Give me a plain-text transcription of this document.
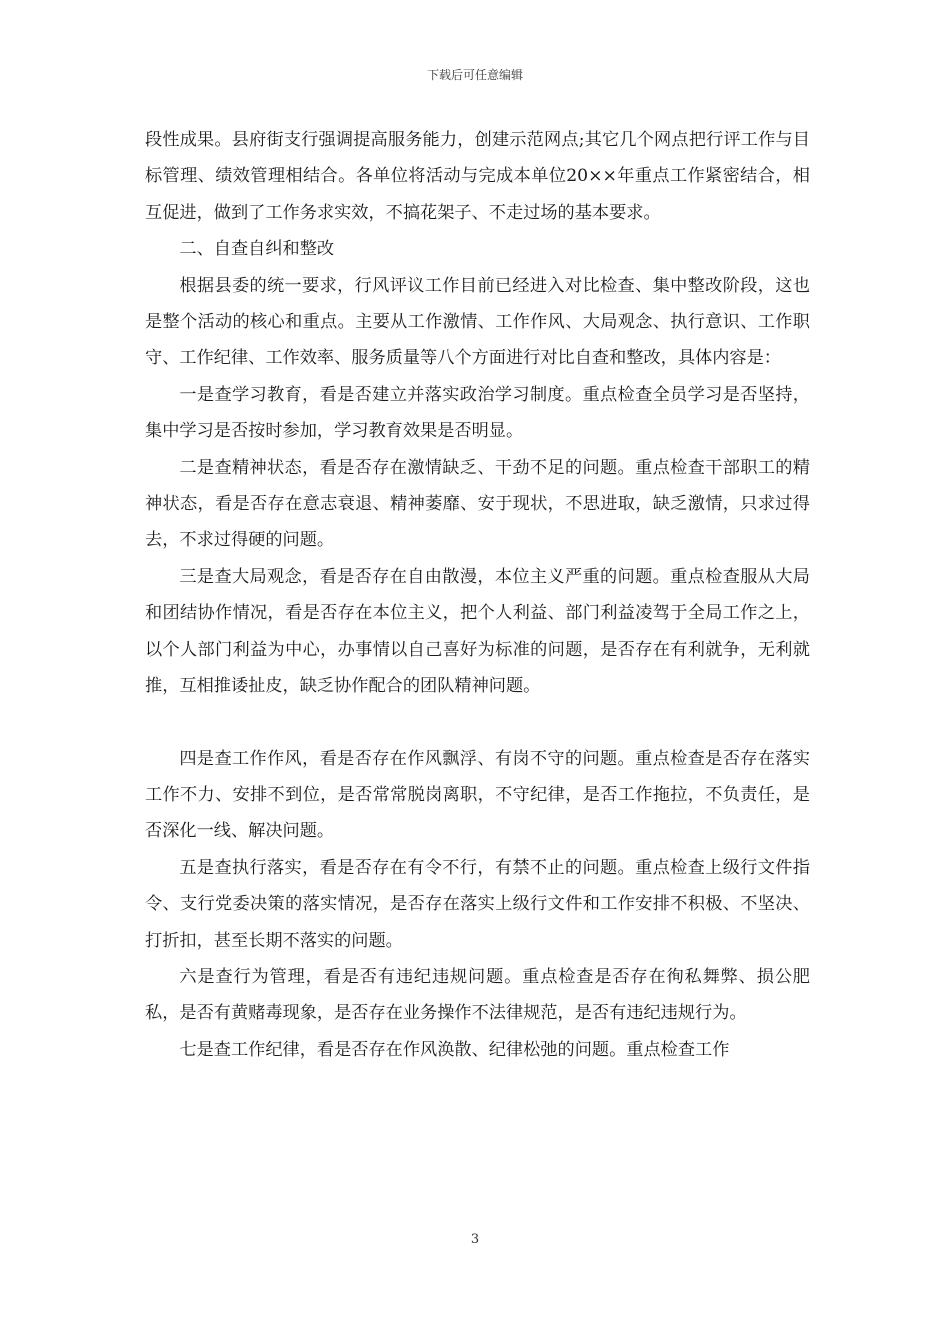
下载后可任意编辑

段性成果。县府街支行强调提高服务能力，创建示范网点;其它几个网点把行评工作与目标管理、绩效管理相结合。各单位将活动与完成本单位20××年重点工作紧密结合，相互促进，做到了工作务求实效，不搞花架子、不走过场的基本要求。

二、自查自纠和整改

根据县委的统一要求，行风评议工作目前已经进入对比检查、集中整改阶段，这也是整个活动的核心和重点。主要从工作激情、工作作风、大局观念、执行意识、工作职守、工作纪律、工作效率、服务质量等八个方面进行对比自查和整改，具体内容是：

一是查学习教育，看是否建立并落实政治学习制度。重点检查全员学习是否坚持，集中学习是否按时参加，学习教育效果是否明显。

二是查精神状态，看是否存在激情缺乏、干劲不足的问题。重点检查干部职工的精神状态，看是否存在意志衰退、精神萎靡、安于现状，不思进取，缺乏激情，只求过得去，不求过得硬的问题。

三是查大局观念，看是否存在自由散漫，本位主义严重的问题。重点检查服从大局和团结协作情况，看是否存在本位主义，把个人利益、部门利益凌驾于全局工作之上，以个人部门利益为中心，办事情以自己喜好为标准的问题，是否存在有利就争，无利就推，互相推诿扯皮，缺乏协作配合的团队精神问题。

四是查工作作风，看是否存在作风飘浮、有岗不守的问题。重点检查是否存在落实工作不力、安排不到位，是否常常脱岗离职，不守纪律，是否工作拖拉，不负责任，是否深化一线、解决问题。

五是查执行落实，看是否存在有令不行，有禁不止的问题。重点检查上级行文件指令、支行党委决策的落实情况，是否存在落实上级行文件和工作安排不积极、不坚决、打折扣，甚至长期不落实的问题。

六是查行为管理，看是否有违纪违规问题。重点检查是否存在徇私舞弊、损公肥私，是否有黄赌毒现象，是否存在业务操作不法律规范，是否有违纪违规行为。

七是查工作纪律，看是否存在作风涣散、纪律松弛的问题。重点检查工作

3
